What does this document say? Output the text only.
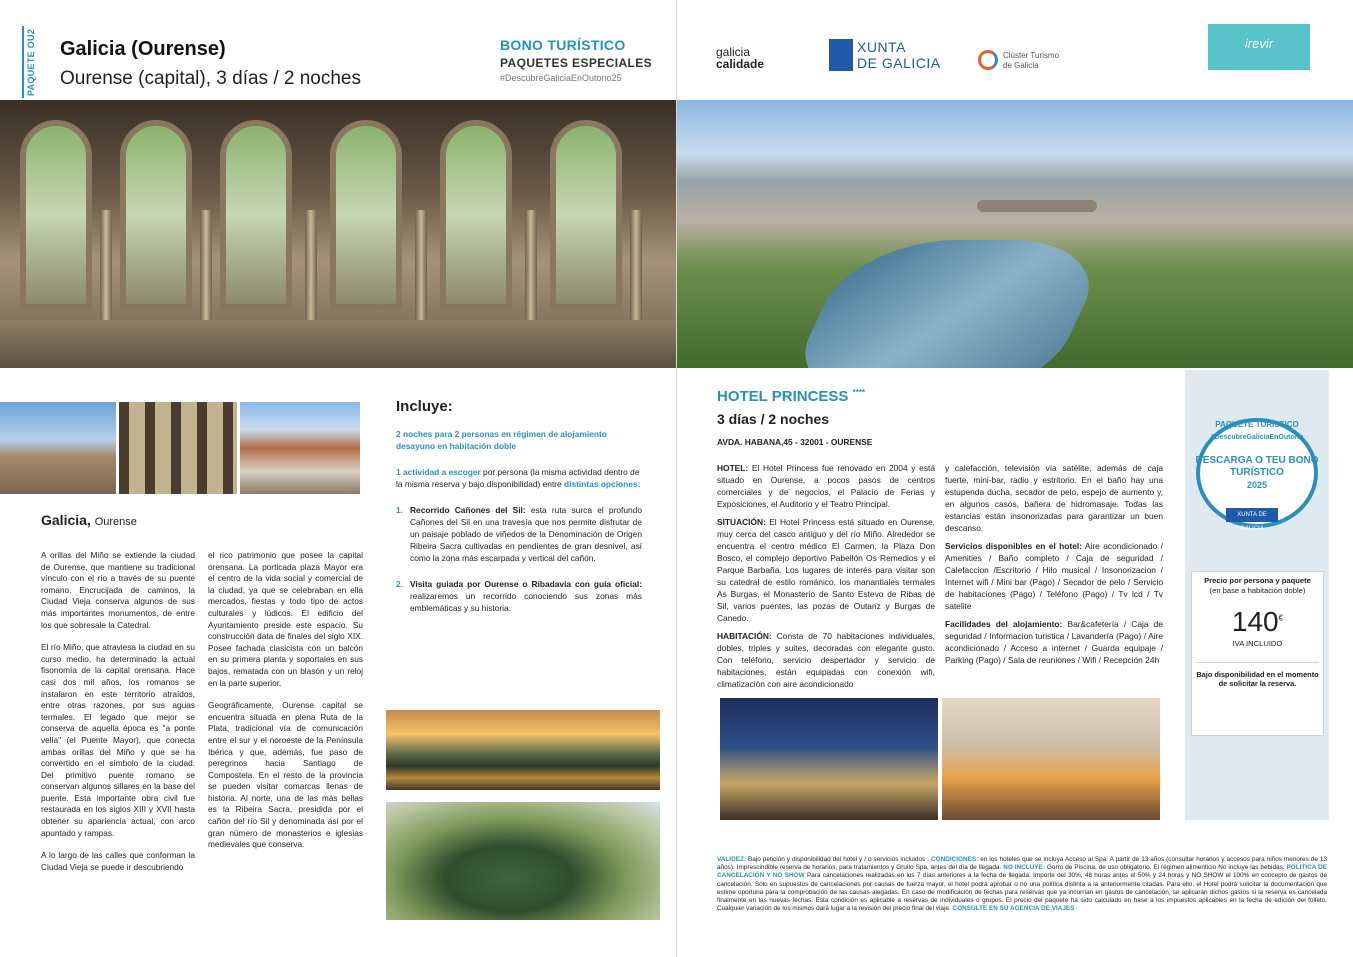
PAQUETE OU2 Galicia (Ourense)
Ourense (capital), 3 días / 2 noches
BONO TURÍSTICO
PAQUETES ESPECIALES
#DescubreGaliciaEnOutono25
Galicia, Ourense

A orillas del Miño se extiende la ciudad de Ourense, que mantiene su tradicional vínculo con el río a través de su puente romano. Encrucijada de caminos, la Ciudad Vieja conserva algunos de sus más importantes monumentos, de entre los que sobresale la Catedral.

El río Miño, que atraviesa la ciudad en su curso medio, ha determinado la actual fisonomía de la capital orensana. Hace casi dos mil años, los romanos se instalaron en este territorio atraídos, entre otras razones, por sus aguas termales. El legado que mejor se conserva de aquella época es "a ponte vella" (el Puente Mayor), que conecta ambas orillas del Miño y que se ha convertido en el símbolo de la ciudad. Del primitivo puente romano se conservan algunos sillares en la base del puente. Esta importante obra civil fue restaurada en los siglos XIII y XVII hasta obtener su apariencia actual, con arco apuntado y rampas.

A lo largo de las calles que conforman la Ciudad Vieja se puede ir descubriendo

el rico patrimonio que posee la capital orensana. La porticada plaza Mayor era el centro de la vida social y comercial de la ciudad, ya que se celebraban en ella mercados, fiestas y todo tipo de actos culturales y lúdicos. El edificio del Ayuntamiento preside este espacio. Su construcción data de finales del siglo XIX. Posee fachada clasicista con un balcón en su primera planta y soportales en sus bajos, rematada con un blasón y un reloj en la parte superior.

Geográficamente, Ourense capital se encuentra situada en plena Ruta de la Plata, tradicional vía de comunicación entre el sur y el noroeste de la Península Ibérica y que, además, fue paso de peregrinos hacia Santiago de Compostela. En el resto de la provincia se pueden visitar comarcas llenas de historia. Al norte, una de las más bellas es la Ribeira Sacra, presidida por el cañón del río Sil y denominada así por el gran número de monasterios e iglesias medievales que conserva.

Incluye:

2 noches para 2 personas en régimen de alojamiento desayuno en habitación doble

1 actividad a escoger por persona (la misma actividad dentro de la misma reserva y bajo disponibilidad) entre distintas opciones:

1. Recorrido Cañones del Sil: esta ruta surca el profundo Cañones del Sil en una travesía que nos permite disfrutar de un paisaje poblado de viñedos de la Denominación de Origen Ribeira Sacra cultivadas en pendientes de gran desnivel, así como la zona más escarpada y vertical del cañón.
2. Visita guiada por Ourense o Ribadavia con guía oficial: realizaremos un recorrido conociendo sus zonas más emblemáticas y su historia.
galicia
calidade
XUNTA
DE GALICIA	Clúster Turismo
de Galicia
irevir
HOTEL PRINCESS ****
3 días / 2 noches
AVDA. HABANA,45 - 32001 - OURENSE

HOTEL: El Hotel Princess fue renovado en 2004 y está situado en Ourense, a pocos pasos de centros comerciales y de negocios, el Palacio de Ferias y Exposiciones, el Auditorio y el Teatro Principal.

SITUACIÓN: El Hotel Princess está situado en Ourense, muy cerca del casco antiguo y del río Miño. Alrededor se encuentra el centro médico El Carmen, la Plaza Don Bosco, el complejo deportivo Pabellón Os Remedios y el Parque Barbaña. Los lugares de interés para visitar son su catedral de estilo románico, los manantiales termales As Burgas, el Monasterio de Santo Estevo de Ribas de Sil, varios puentes, las pozas de Outariz y Burgas de Canedo.

HABITACIÓN: Consta de 70 habitaciones individuales, dobles, triples y suites, decoradas con elegante gusto. Con teléfono, servicio despertador y servicio de habitaciones, están equipadas con conexión wifi, climatización con aire acondicionado

y calefacción, televisión vía satélite, además de caja fuerte, mini-bar, radio y estritorio. En el baño hay una estupenda ducha, secador de pelo, espejo de aumento y, en algunos casos, bañera de hidromasaje. Todas las estancias están insonorizadas para garantizar un buen descanso.

Servicios disponibles en el hotel: Aire acondicionado / Amenities / Baño completo / Caja de seguridad / Calefaccion /Escritorio / Hilo musical / Insonorizacion / Internet wifi / Mini bar (Pago) / Secador de pelo / Servicio de habitaciones (Pago) / Teléfono (Pago) / Tv lcd / Tv satelite

Facilidades del alojamiento: Bar&cafetería / Caja de seguridad / Informacion turistica / Lavandería (Pago) / Aire acondicionado / Acceso a internet / Guarda equipaje / Parking (Pago) / Sala de reuniones / Wifi / Recepción 24h

PAQUETE TURÍSTICO
#DescubreGaliciaEnOutono
DESCARGA O TEU BONO TURÍSTICO
2025
XUNTA DE GALICIA
Precio por persona y paquete
(en base a habitación doble)
140€
IVA INCLUIDO
Bajo disponibilidad en el momento de solicitar la reserva.
VALIDEZ: Bajo petición y disponibilidad del hotel y / o servicios incluidos . CONDICIONES: en los hoteles que se incluya Acceso al Spa: A partir de 13 años (consultar horarios y accesos para niños menores de 13 años). Imprescindible reserva de horarios, para tratamientos y Gruito Spa, antes del día de llegada. NO INCLUYE: Gorro de Piscina, de uso obligatorio. El régimen alimenticio No incluye las bebidas. POLITICA DE CANCELACIÓN Y NO SHOW Para cancelaciones realizadas en los 7 días anteriores a la fecha de llegada: Importe del 30%, 48 horas antes el 50% y 24 horas y NO SHOW el 100% en concepto de gastos de cancelación. Sólo en supuestos de cancelaciones por causas de fuerza mayor, el hotel podrá aprobar o no una política distinta a la anteriormente citadas. Para ello, el Hotel podrá solicitar la documentación que estime oportuna para la comprobación de las causas alegadas. En caso de modificación de fechas para reservas que ya incurrían en gastos de cancelación, se aplicarán dichos gastos si la reserva es cancelada finalmente en las nuevas fechas. Esta condición es aplicable a reservas de individuales o grupos. El precio del paquete ha sido calculado en base a los impuestos aplicables en la fecha de edición del folleto. Cualquier variación de los mismos dará lugar a la revisión del precio final del viaje. CONSULTE EN SU AGENCIA DE VIAJES
